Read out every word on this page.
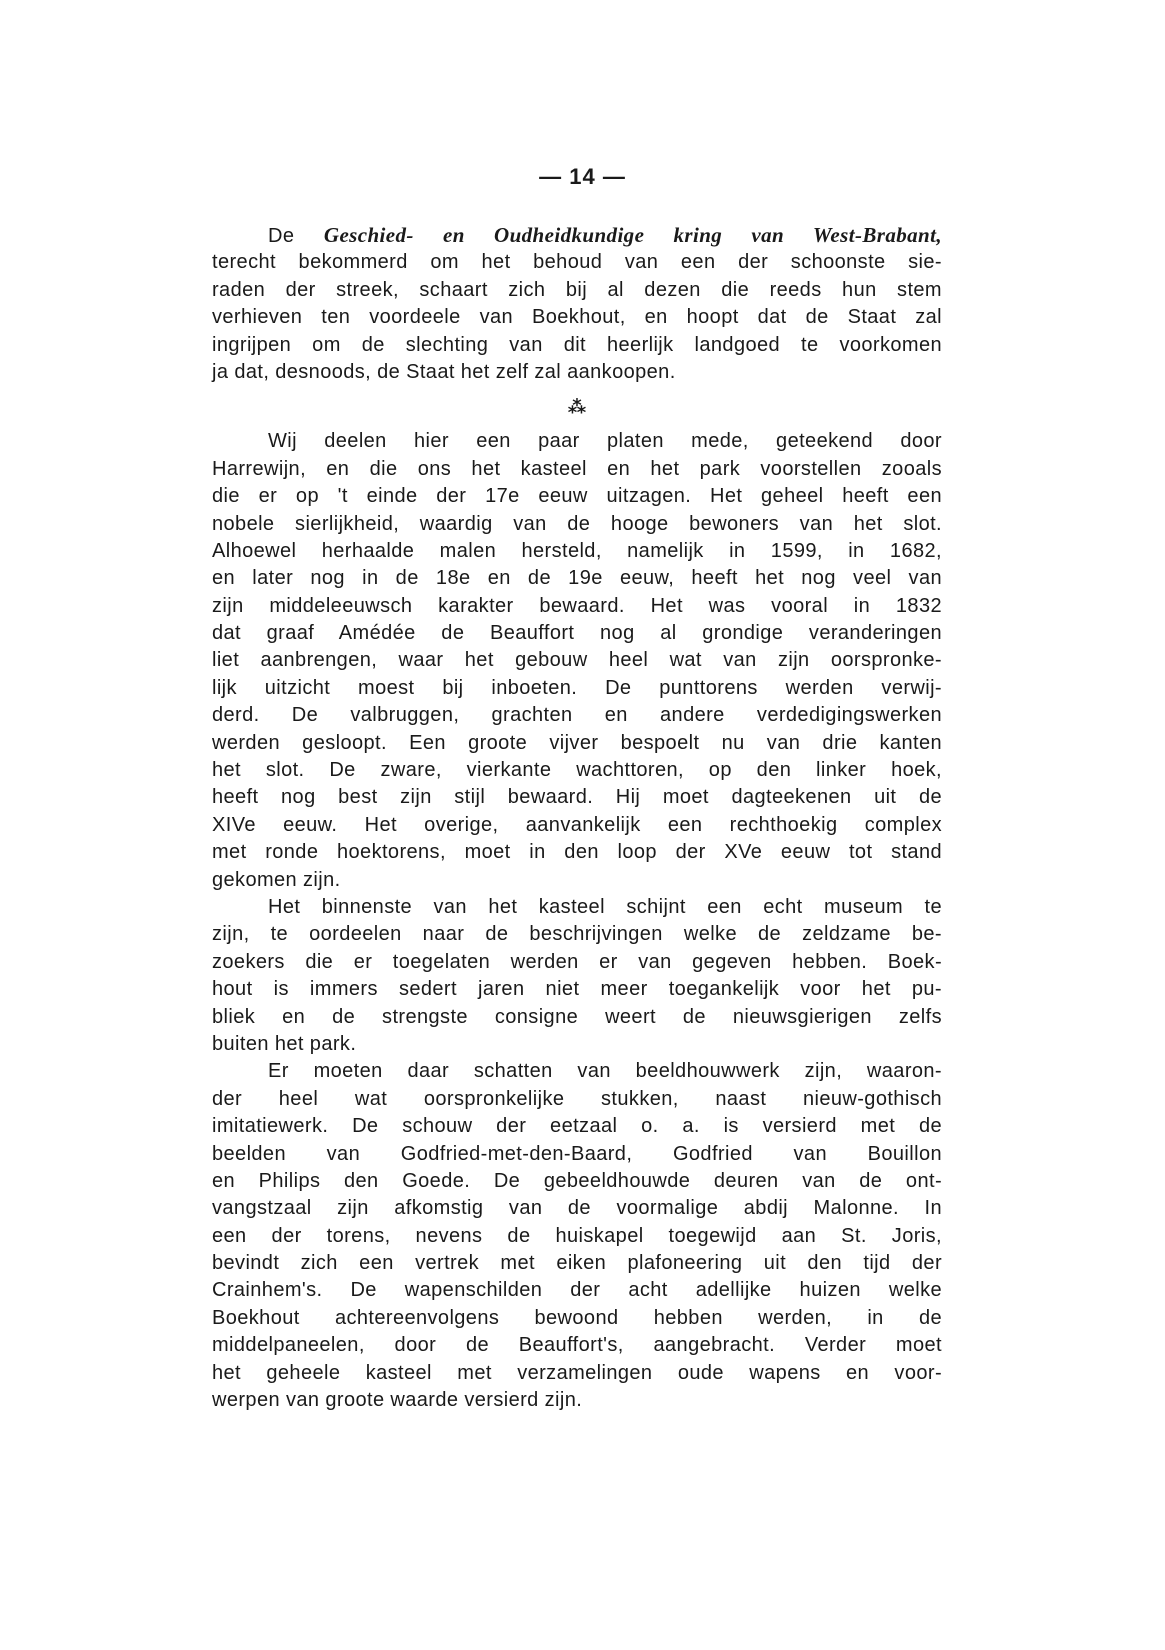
— 14 —
De Geschied- en Oudheidkundige kring van West-Brabant,
terecht bekommerd om het behoud van een der schoonste sie-
raden der streek, schaart zich bij al dezen die reeds hun stem
verhieven ten voordeele van Boekhout, en hoopt dat de Staat zal
ingrijpen om de slechting van dit heerlijk landgoed te voorkomen
ja dat, desnoods, de Staat het zelf zal aankoopen.
⁂
Wij deelen hier een paar platen mede, geteekend door
Harrewijn, en die ons het kasteel en het park voorstellen zooals
die er op 't einde der 17e eeuw uitzagen. Het geheel heeft een
nobele sierlijkheid, waardig van de hooge bewoners van het slot.
Alhoewel herhaalde malen hersteld, namelijk in 1599, in 1682,
en later nog in de 18e en de 19e eeuw, heeft het nog veel van
zijn middeleeuwsch karakter bewaard. Het was vooral in 1832
dat graaf Amédée de Beauffort nog al grondige veranderingen
liet aanbrengen, waar het gebouw heel wat van zijn oorspronke-
lijk uitzicht moest bij inboeten. De punttorens werden verwij-
derd. De valbruggen, grachten en andere verdedigingswerken
werden gesloopt. Een groote vijver bespoelt nu van drie kanten
het slot. De zware, vierkante wachttoren, op den linker hoek,
heeft nog best zijn stijl bewaard. Hij moet dagteekenen uit de
XIVe eeuw. Het overige, aanvankelijk een rechthoekig complex
met ronde hoektorens, moet in den loop der XVe eeuw tot stand
gekomen zijn.
Het binnenste van het kasteel schijnt een echt museum te
zijn, te oordeelen naar de beschrijvingen welke de zeldzame be-
zoekers die er toegelaten werden er van gegeven hebben. Boek-
hout is immers sedert jaren niet meer toegankelijk voor het pu-
bliek en de strengste consigne weert de nieuwsgierigen zelfs
buiten het park.
Er moeten daar schatten van beeldhouwwerk zijn, waaron-
der heel wat oorspronkelijke stukken, naast nieuw-gothisch
imitatiewerk. De schouw der eetzaal o. a. is versierd met de
beelden van Godfried-met-den-Baard, Godfried van Bouillon
en Philips den Goede. De gebeeldhouwde deuren van de ont-
vangstzaal zijn afkomstig van de voormalige abdij Malonne. In
een der torens, nevens de huiskapel toegewijd aan St. Joris,
bevindt zich een vertrek met eiken plafoneering uit den tijd der
Crainhem's. De wapenschilden der acht adellijke huizen welke
Boekhout achtereenvolgens bewoond hebben werden, in de
middelpaneelen, door de Beauffort's, aangebracht. Verder moet
het geheele kasteel met verzamelingen oude wapens en voor-
werpen van groote waarde versierd zijn.
